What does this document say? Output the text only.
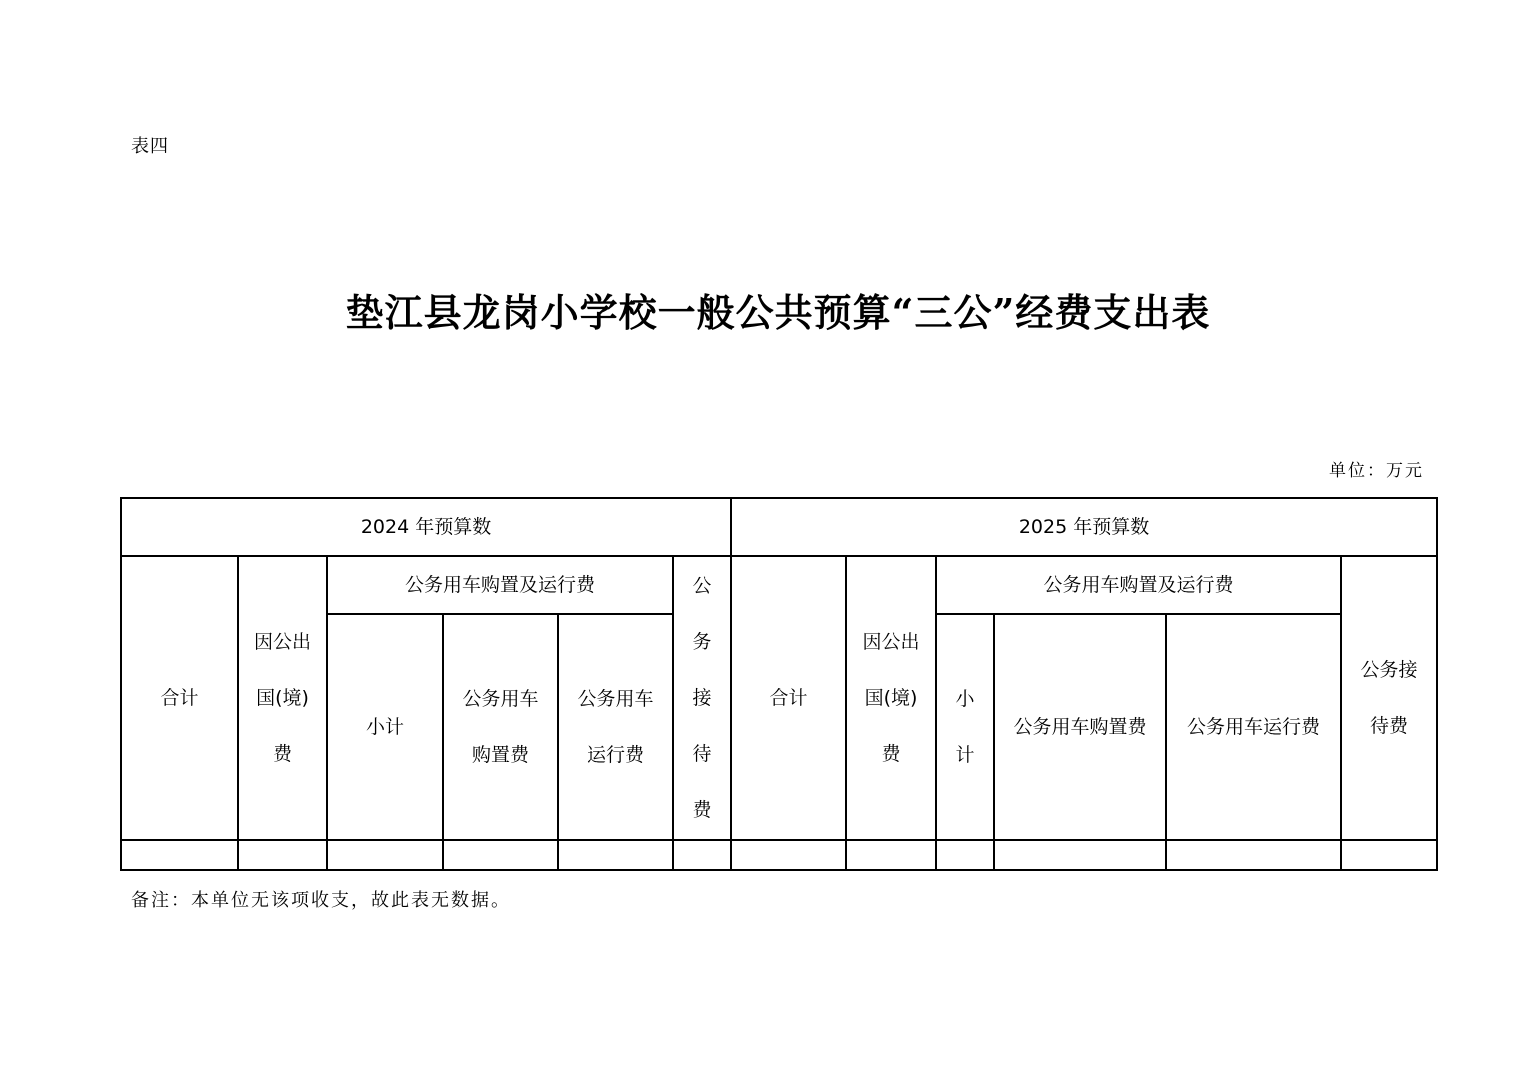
表四
垫江县龙岗小学校一般公共预算“三公”经费支出表
单位：万元
2024 年预算数						2025 年预算数					
合计	因公出国(境)费	公务用车购置及运行费			公务接待费	合计	因公出国(境)费	公务用车购置及运行费			公务接待费
		小计	公务用车购置费	公务用车运行费				小计	公务用车购置费	公务用车运行费	

备注：本单位无该项收支，故此表无数据。
